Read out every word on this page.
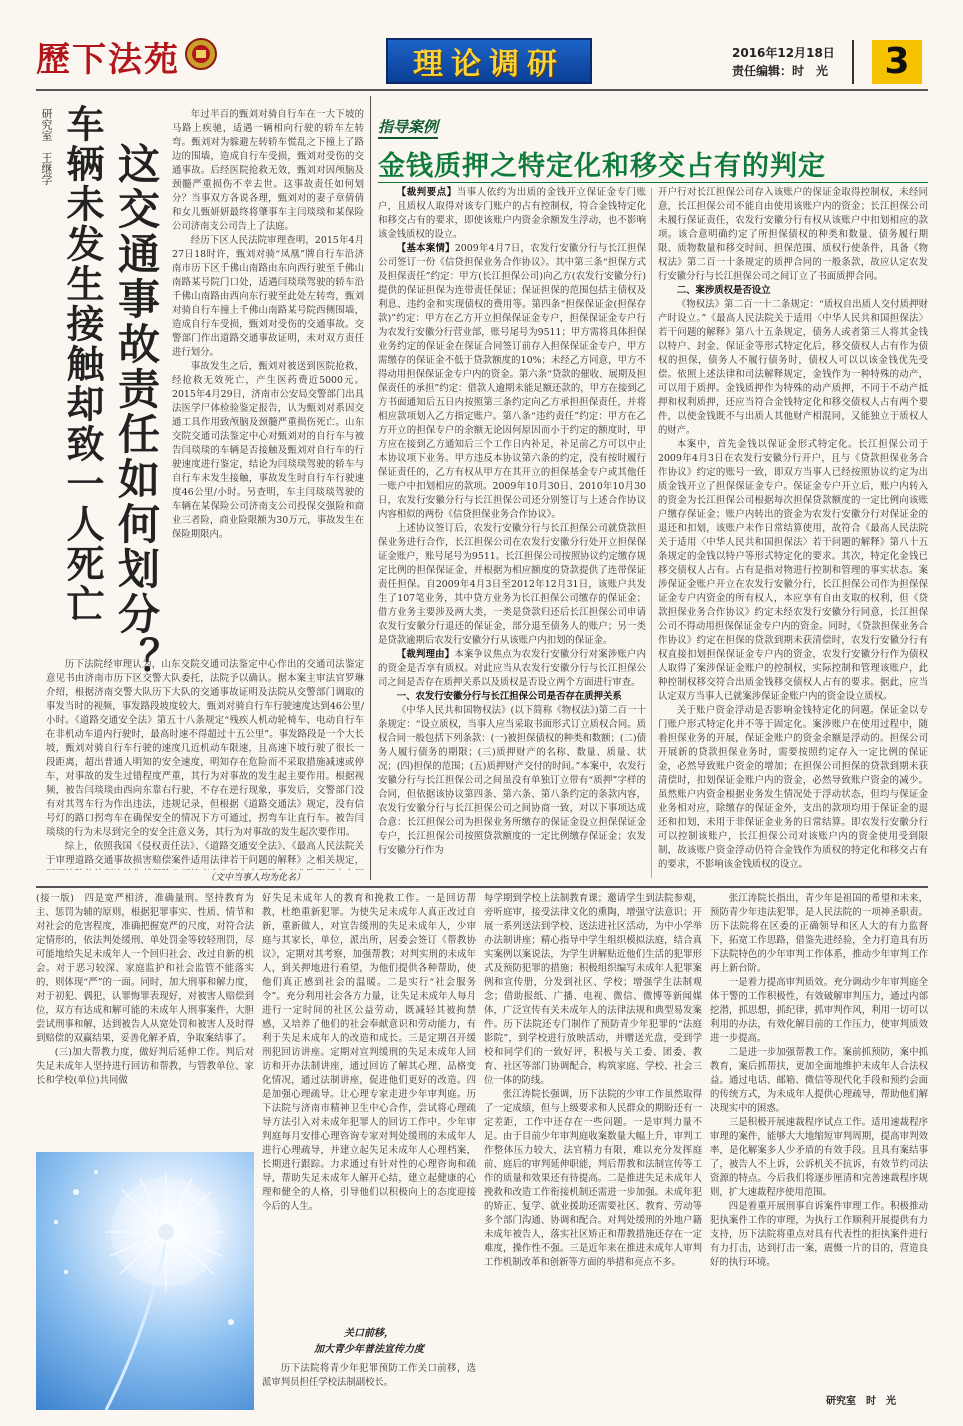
歷下法苑	理论调研	2016年12月18日
责任编辑：时　光	3
研究室　王继学 车辆未发生接触却致一人死亡 这交通事故责任如何划分？

年过半百的甄刘对骑自行车在一大下坡的马路上疾驰，适遇一辆相向行驶的轿车左转弯。甄刘对为躲避左转轿车慌乱之下撞上了路边的围墙，造成自行车受损，甄刘对受伤的交通事故。后经医院抢救无效，甄刘对因颅脑及颈髓严重损伤不幸去世。这事故责任如何划分？当事双方各说各理，甄刘对的妻子章倩倩和女儿甄妍妍最终将肇事车主闫琰琰和某保险公司济南支公司告上了法庭。

经历下区人民法院审理查明，2015年4月27日18时许，甄刘对骑“凤凰”牌自行车沿济南市历下区千佛山南路由东向西行驶至千佛山南路某号院门口处，适遇闫琰琰驾驶的轿车沿千佛山南路由西向东行驶至此处左转弯，甄刘对骑自行车撞上千佛山南路某号院西侧围墙，造成自行车受损，甄刘对受伤的交通事故。交警部门作出道路交通事故证明，未对双方责任进行划分。

事故发生之后，甄刘对被送到医院抢救，经抢救无效死亡，产生医药费近5000元。2015年4月29日，济南市公安局交警部门出具法医学尸体检验鉴定报告，认为甄刘对系因交通工具作用致颅脑及颈髓严重损伤死亡。山东交院交通司法鉴定中心对甄刘对的自行车与被告闫琰琰的车辆是否接触及甄刘对自行车的行驶速度进行鉴定，结论为闫琰琰驾驶的轿车与自行车未发生接触，事故发生时自行车行驶速度46公里/小时。另查明，车主闫琰琰驾驶的车辆在某保险公司济南支公司投保交强险和商业三者险，商业险限额为30万元，事故发生在保险期限内。

历下法院经审理认为，山东交院交通司法鉴定中心作出的交通司法鉴定意见书由济南市历下区交警大队委托，法院予以确认。据本案主审法官罗琳介绍，根据济南交警大队历下大队的交通事故证明及法院从交警部门调取的事发当时的视频，事发路段坡度较大，甄刘对骑自行车行驶速度达到46公里/小时。《道路交通安全法》第五十八条规定“残疾人机动轮椅车、电动自行车在非机动车道内行驶时，最高时速不得超过十五公里”。事发路段是一个大长坡，甄刘对骑自行车行驶的速度几近机动车限速，且高速下坡行驶了很长一段距离，超出普通人明知的安全速度，明知存在危险而不采取措施减速或停车，对事故的发生过错程度严重，其行为对事故的发生起主要作用。根据视频，被告闫琰琰由西向东靠右行驶，不存在逆行现象，事发后，交警部门没有对其驾车行为作出违法，违规记录，但根据《道路交通法》规定，没有信号灯的路口拐弯车在确保安全的情况下方可通过，拐弯车让直行车。被告闫琰琰的行为未尽到完全的安全注意义务，其行为对事故的发生起次要作用。

综上，依照我国《侵权责任法》、《道路交通安全法》、《最高人民法院关于审理道路交通事故损害赔偿案件适用法律若干问题的解释》之相关规定，

（文中当事人均为化名）
指导案例
金钱质押之特定化和移交占有的判定

【裁判要点】当事人依约为出质的金钱开立保证金专门账户，且质权人取得对该专门账户的占有控制权，符合金钱特定化和移交占有的要求，即使该账户内资金余额发生浮动，也不影响该金钱质权的设立。

【基本案情】2009年4月7日，农发行安徽分行与长江担保公司签订一份《信贷担保业务合作协议》。其中第三条“担保方式及担保责任”约定：甲方(长江担保公司)向乙方(农发行安徽分行)提供的保证担保为连带责任保证；保证担保的范围包括主债权及利息、违约金和实现债权的费用等。第四条“担保保证金(担保存款)”约定：甲方在乙方开立担保保证金专户，担保保证金专户行为农发行安徽分行营业部，账号尾号为9511；甲方需将具体担保业务约定的保证金在保证合同签订前存入担保保证金专户，甲方需缴存的保证金不低于贷款额度的10%；未经乙方同意，甲方不得动用担保保证金专户内的资金。第六条“贷款的催收、展期及担保责任的承担”约定：借款人逾期未能足额还款的，甲方在接到乙方书面通知后五日内按照第三条约定向乙方承担担保责任，并将相应款项划入乙方指定账户。第八条“违约责任”约定：甲方在乙方开立的担保专户的余额无论因何原因而小于约定的额度时，甲方应在接到乙方通知后三个工作日内补足，补足前乙方可以中止本协议项下业务。甲方违反本协议第六条的约定，没有按时履行保证责任的，乙方有权从甲方在其开立的担保基金专户或其他任一账户中扣划相应的款项。2009年10月30日、2010年10月30日，农发行安徽分行与长江担保公司还分别签订与上述合作协议内容相似的两份《信贷担保业务合作协议》。

上述协议签订后，农发行安徽分行与长江担保公司就贷款担保业务进行合作，长江担保公司在农发行安徽分行处开立担保保证金账户，账号尾号为9511。长江担保公司按照协议约定缴存规定比例的担保保证金，并根据为相应额度的贷款提供了连带保证责任担保。自2009年4月3日至2012年12月31日，该账户共发生了107笔业务，其中贷方业务为长江担保公司缴存的保证金；借方业务主要涉及两大类，一类是贷款归还后长江担保公司申请农发行安徽分行退还的保证金，部分退至债务人的账户；另一类是贷款逾期后农发行安徽分行从该账户内扣划的保证金。

【裁判理由】本案争议焦点为农发行安徽分行对案涉账户内的资金是否享有质权。对此应当从农发行安徽分行与长江担保公司之间是否存在质押关系以及质权是否设立两个方面进行审查。

一、农发行安徽分行与长江担保公司是否存在质押关系

《中华人民共和国物权法》(以下简称《物权法》)第二百一十条规定：“设立质权，当事人应当采取书面形式订立质权合同。质权合同一般包括下列条款：(一)被担保债权的种类和数额；(二)债务人履行债务的期限；(三)质押财产的名称、数量、质量、状况；(四)担保的范围；(五)质押财产交付的时间。”本案中，农发行安徽分行与长江担保公司之间虽没有单独订立带有“质押”字样的合同，但依据该协议第四条、第六条、第八条约定的条款内容，农发行安徽分行与长江担保公司之间协商一致，对以下事项达成合意：长江担保公司为担保业务所缴存的保证金设立担保保证金专户，长江担保公司按照贷款额度的一定比例缴存保证金；农发行安徽分行作为

开户行对长江担保公司存入该账户的保证金取得控制权，未经同意，长江担保公司不能自由使用该账户内的资金；长江担保公司未履行保证责任，农发行安徽分行有权从该账户中扣划相应的款项。该合意明确约定了所担保债权的种类和数量、债务履行期限、质物数量和移交时间、担保范围、质权行使条件，具备《物权法》第二百一十条规定的质押合同的一般条款，故应认定农发行安徽分行与长江担保公司之间订立了书面质押合同。

二、案涉质权是否设立

《物权法》第二百一十二条规定：“质权自出质人交付质押财产时设立。”《最高人民法院关于适用〈中华人民共和国担保法〉若干问题的解释》第八十五条规定，债务人或者第三人将其金钱以特户、封金、保证金等形式特定化后，移交债权人占有作为债权的担保，债务人不履行债务时，债权人可以以该金钱优先受偿。依照上述法律和司法解释规定，金钱作为一种特殊的动产，可以用于质押。金钱质押作为特殊的动产质押，不同于不动产抵押和权利质押，还应当符合金钱特定化和移交债权人占有两个要件，以使金钱既不与出质人其他财产相混同，又能独立于质权人的财产。

本案中，首先金钱以保证金形式特定化。长江担保公司于2009年4月3日在农发行安徽分行开户，且与《贷款担保业务合作协议》约定的账号一致，即双方当事人已经按照协议约定为出质金钱开立了担保保证金专户。保证金专户开立后，账户内转入的资金为长江担保公司根据每次担保贷款额度的一定比例向该账户缴存保证金；账户内转出的资金为农发行安徽分行对保证金的退还和扣划，该账户未作日常结算使用，故符合《最高人民法院关于适用〈中华人民共和国担保法〉若干问题的解释》第八十五条规定的金钱以特户等形式特定化的要求。其次，特定化金钱已移交债权人占有。占有是指对物进行控制和管理的事实状态。案涉保证金账户开立在农发行安徽分行，长江担保公司作为担保保证金专户内资金的所有权人，本应享有自由支取的权利，但《贷款担保业务合作协议》约定未经农发行安徽分行同意，长江担保公司不得动用担保保证金专户内的资金。同时，《贷款担保业务合作协议》约定在担保的贷款到期未获清偿时，农发行安徽分行有权直接扣划担保保证金专户内的资金，农发行安徽分行作为债权人取得了案涉保证金账户的控制权，实际控制和管理该账户，此种控制权移交符合出质金钱移交债权人占有的要求。据此，应当认定双方当事人已就案涉保证金账户内的资金设立质权。

关于账户资金浮动是否影响金钱特定化的问题。保证金以专门账户形式特定化并不等于固定化。案涉账户在使用过程中，随着担保业务的开展，保证金账户的资金余额是浮动的。担保公司开展新的贷款担保业务时，需要按照约定存入一定比例的保证金，必然导致账户资金的增加；在担保公司担保的贷款到期未获清偿时，扣划保证金账户内的资金，必然导致账户资金的减少。虽然账户内资金根据业务发生情况处于浮动状态，但均与保证金业务相对应，除缴存的保证金外，支出的款项均用于保证金的退还和扣划，未用于非保证金业务的日常结算。即农发行安徽分行可以控制该账户，长江担保公司对该账户内的资金使用受到限制，故该账户资金浮动仍符合金钱作为质权的特定化和移交占有的要求，不影响该金钱质权的设立。

(接一版)　四是宽严相济，准确量刑。坚持教育为主、惩罚为辅的原则，根据犯罪事实、性质、情节和对社会的危害程度，准确把握宽严的尺度，对符合法定情形的，依法判处缓刑、单处罚金等较轻刑罚，尽可能地给失足未成年人一个回归社会、改过自新的机会。对于恶习较深、家庭监护和社会监管不能落实的，则体现“严”的一面。同时，加大刑事和解力度，对于初犯、偶犯，认罪悔罪表现好，对被害人赔偿到位，双方有达成和解可能的未成年人刑事案件，大胆尝试刑事和解，达到被告人从宽处罚和被害人及时得到赔偿的双赢结果，妥善化解矛盾，争取案结事了。

(三)加大帮教力度，做好判后延伸工作。判后对失足未成年人坚持进行回访和帮教，与管教单位、家长和学校(单位)共同做

好失足未成年人的教育和挽救工作。一是回访帮教，杜绝重新犯罪。为使失足未成年人真正改过自新，重新做人，对宣告缓刑的失足未成年人，少审庭与其家长，单位，派出所，居委会签订《帮教协议》，定期对其考察，加强帮教；对判实刑的未成年人，到关押地进行看望，为他们提供各种帮助，使他们真正感到社会的温暖。二是实行“社会服务令”。充分利用社会各方力量，让失足未成年人每月进行一定时间的社区公益劳动，既减轻其被拘禁感，又培养了他们的社会奉献意识和劳动能力，有利于失足未成年人的改造和成长。三是定期召开缓刑犯回访讲座。定期对宣判缓刑的失足未成年人回访和开办法制讲座，通过回访了解其心理、品格变化情况，通过法制讲座，促进他们更好的改造。四是加强心理疏导。让心理专家走进少年审判庭。历下法院与济南市精神卫生中心合作，尝试将心理疏导方法引入对未成年犯罪人的回访工作中。少年审判庭每月安排心理咨询专家对判处缓刑的未成年人进行心理疏导，并建立起失足未成年人心理档案，长期进行跟踪。力求通过有针对性的心理咨询和疏导，帮助失足未成年人解开心结，建立起健康的心理和健全的人格，引导他们以积极向上的态度迎接今后的人生。

关口前移，
加大青少年普法宣传力度

历下法院将青少年犯罪预防工作关口前移，选派审判员担任学校法制副校长。

每学期到学校上法制教育课；邀请学生到法院参观，旁听庭审，接受法律文化的熏陶，增强守法意识；开展一系列送法到学校、送法进社区活动，为中小学举办法制讲座；精心指导中学生组织模拟法庭，结合真实案例以案说法，为学生讲解贴近他们生活的犯罪形式及预防犯罪的措施；积极组织编写未成年人犯罪案例和宣传册，分发到社区、学校；增强学生法制观念；借助报纸、广播、电视、微信、微博等新闻媒体，广泛宣传有关未成年人的法律法规和典型易发案件。历下法院还专门制作了预防青少年犯罪的“法庭影院”，到学校进行放映活动，并赠送光盘，受到学校和同学们的一致好评，积极与关工委、团委、教育、社区等部门协调配合，构筑家庭、学校、社会三位一体的防线。

张江涛院长强调，历下法院的少审工作虽然取得了一定成绩，但与上级要求和人民群众的期盼还有一定差距，工作中还存在一些问题。一是审判力量不足。由于目前少年审判庭收案数量大幅上升，审判工作整体压力较大，法官精力有限，难以充分发挥庭前、庭后的审判延伸职能，判后帮教和法制宣传等工作的质量和效果还有待提高。二是推进失足未成年人挽救和改造工作衔接机制还需进一步加强。未成年犯的矫正、复学、就业援助还需要社区、教育、劳动等多个部门沟通、协调和配合。对判处缓刑的外地户籍未成年被告人，落实社区矫正和帮教措施还存在一定难度，操作性不强。三是近年来在推进未成年人审判工作机制改革和创新等方面的举措和亮点不多。

张江涛院长指出，青少年是祖国的希望和未来，预防青少年违法犯罪，是人民法院的一项神圣职责。历下法院将在区委的正确领导和区人大的有力监督下，拓宽工作思路，借鉴先进经验，全力打造具有历下法院特色的少年审判工作体系，推动少年审判工作再上新台阶。

一是着力提高审判质效。充分调动少年审判庭全体干警的工作积极性，有效破解审判压力，通过内部挖潜，抓思想，抓纪律，抓审判作风，利用一切可以利用的办法，有效化解目前的工作压力，使审判质效进一步提高。

二是进一步加强帮教工作。案前抓预防，案中抓教育，案后抓帮扶，更加全面地维护未成年人合法权益。通过电话、邮箱、微信等现代化手段和预约会面的传统方式，为未成年人提供心理疏导，帮助他们解决现实中的困惑。

三是积极开展速裁程序试点工作。适用速裁程序审理的案件，能够大大地缩短审判周期，提高审判效率，是化解案多人少矛盾的有效手段。且具有案结事了，被告人不上诉，公诉机关不抗诉，有效节约司法资源的特点。今后我们将逐步厘清和完善速裁程序规则，扩大速裁程序使用范围。

四是着重开展刑事自诉案件审理工作。积极推动犯执案件工作的审理，为执行工作顺利开展提供有力支持，历下法院将重点对具有代表性的拒执案件进行有力打击，达到打击一案，震慑一片的目的，营造良好的执行环境。

研究室　时　光
